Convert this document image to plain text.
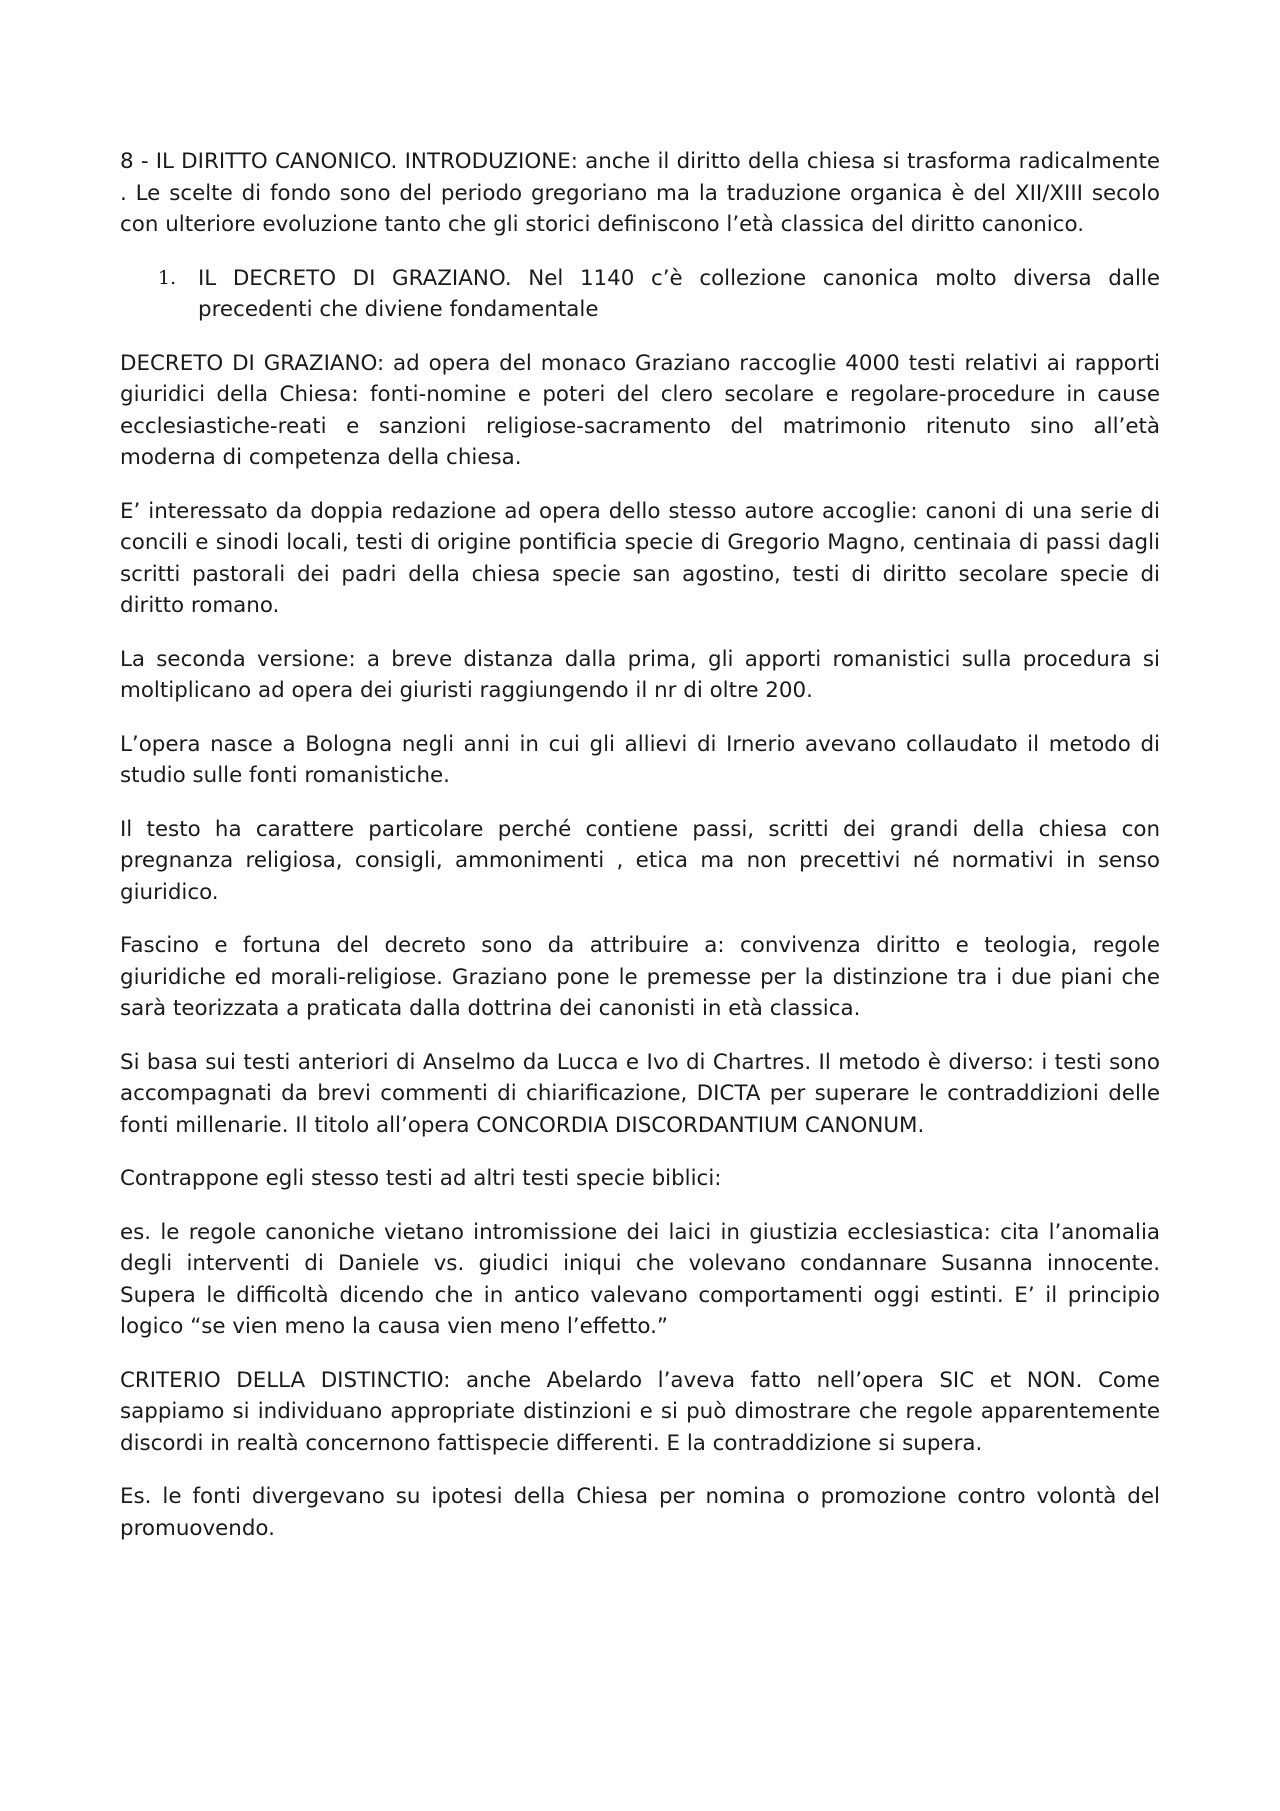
8 - IL DIRITTO CANONICO. INTRODUZIONE: anche il diritto della chiesa si trasforma radicalmente . Le scelte di fondo sono del periodo gregoriano ma la traduzione organica è del XII/XIII secolo con ulteriore evoluzione tanto che gli storici definiscono l’età classica del diritto canonico.

1. IL DECRETO DI GRAZIANO. Nel 1140 c’è collezione canonica molto diversa dalle precedenti che diviene fondamentale

DECRETO DI GRAZIANO: ad opera del monaco Graziano raccoglie 4000 testi relativi ai rapporti giuridici della Chiesa: fonti-nomine e poteri del clero secolare e regolare-procedure in cause ecclesiastiche-reati e sanzioni religiose-sacramento del matrimonio ritenuto sino all’età moderna di competenza della chiesa.

E’ interessato da doppia redazione ad opera dello stesso autore accoglie: canoni di una serie di concili e sinodi locali, testi di origine pontificia specie di Gregorio Magno, centinaia di passi dagli scritti pastorali dei padri della chiesa specie san agostino, testi di diritto secolare specie di diritto romano.

La seconda versione: a breve distanza dalla prima, gli apporti romanistici sulla procedura si moltiplicano ad opera dei giuristi raggiungendo il nr di oltre 200.

L’opera nasce a Bologna negli anni in cui gli allievi di Irnerio avevano collaudato il metodo di studio sulle fonti romanistiche.

Il testo ha carattere particolare perché contiene passi, scritti dei grandi della chiesa con pregnanza religiosa, consigli, ammonimenti , etica ma non precettivi né normativi in senso giuridico.

Fascino e fortuna del decreto sono da attribuire a: convivenza diritto e teologia, regole giuridiche ed morali-religiose. Graziano pone le premesse per la distinzione tra i due piani che sarà teorizzata a praticata dalla dottrina dei canonisti in età classica.

Si basa sui testi anteriori di Anselmo da Lucca e Ivo di Chartres. Il metodo è diverso: i testi sono accompagnati da brevi commenti di chiarificazione, DICTA per superare le contraddizioni delle fonti millenarie. Il titolo all’opera CONCORDIA DISCORDANTIUM CANONUM.

Contrappone egli stesso testi ad altri testi specie biblici:

es. le regole canoniche vietano intromissione dei laici in giustizia ecclesiastica: cita l’anomalia degli interventi di Daniele vs. giudici iniqui che volevano condannare Susanna innocente. Supera le difficoltà dicendo che in antico valevano comportamenti oggi estinti. E’ il principio logico “se vien meno la causa vien meno l’effetto.”

CRITERIO DELLA DISTINCTIO: anche Abelardo l’aveva fatto nell’opera SIC et NON. Come sappiamo si individuano appropriate distinzioni e si può dimostrare che regole apparentemente discordi in realtà concernono fattispecie differenti. E la contraddizione si supera.

Es. le fonti divergevano su ipotesi della Chiesa per nomina o promozione contro volontà del promuovendo.
